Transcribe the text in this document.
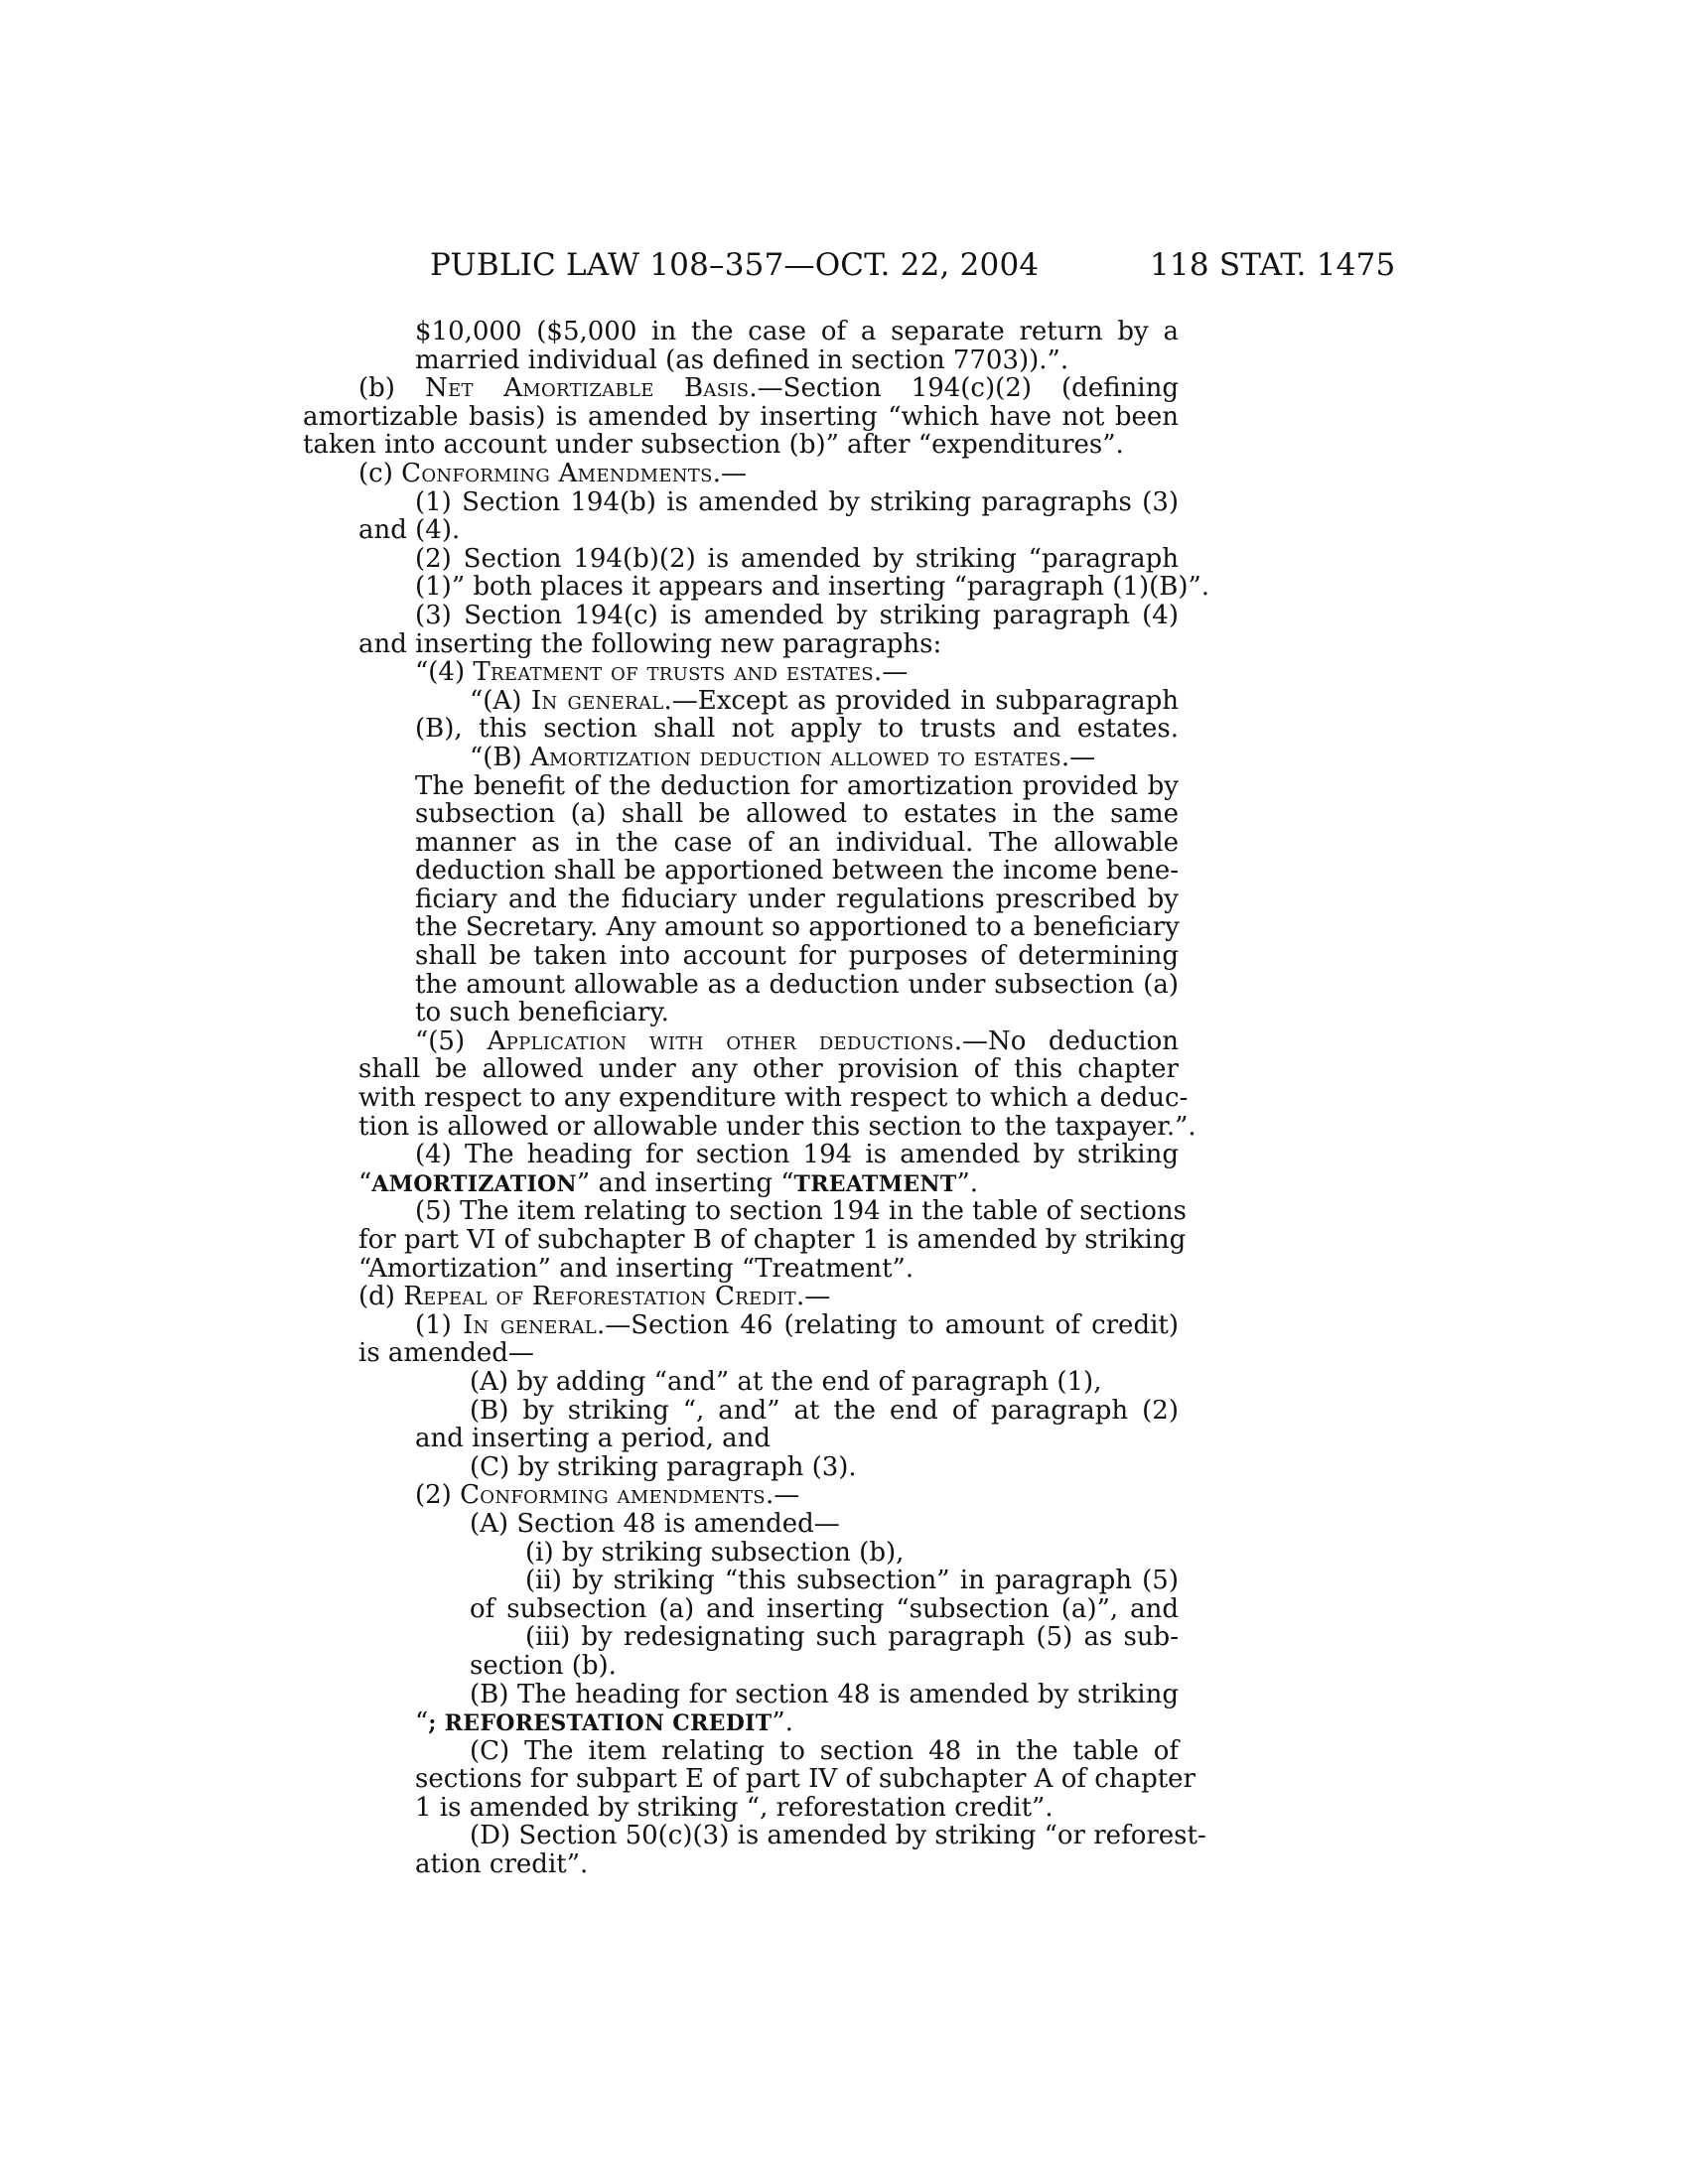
PUBLIC LAW 108–357—OCT. 22, 2004	118 STAT. 1475
$10,000 ($5,000 in the case of a separate return by a
married individual (as defined in section 7703)).”.
(b) Net Amortizable Basis.—Section 194(c)(2) (defining
amortizable basis) is amended by inserting “which have not been
taken into account under subsection (b)” after “expenditures”.
(c) Conforming Amendments.—
(1) Section 194(b) is amended by striking paragraphs (3)
and (4).
(2) Section 194(b)(2) is amended by striking “paragraph
(1)” both places it appears and inserting “paragraph (1)(B)”.
(3) Section 194(c) is amended by striking paragraph (4)
and inserting the following new paragraphs:
“(4) Treatment of trusts and estates.—
“(A) In general.—Except as provided in subparagraph
(B), this section shall not apply to trusts and estates.
“(B) Amortization deduction allowed to estates.—
The benefit of the deduction for amortization provided by
subsection (a) shall be allowed to estates in the same
manner as in the case of an individual. The allowable
deduction shall be apportioned between the income bene-
ficiary and the fiduciary under regulations prescribed by
the Secretary. Any amount so apportioned to a beneficiary
shall be taken into account for purposes of determining
the amount allowable as a deduction under subsection (a)
to such beneficiary.
“(5) Application with other deductions.—No deduction
shall be allowed under any other provision of this chapter
with respect to any expenditure with respect to which a deduc-
tion is allowed or allowable under this section to the taxpayer.”.
(4) The heading for section 194 is amended by striking
“AMORTIZATION” and inserting “TREATMENT”.
(5) The item relating to section 194 in the table of sections
for part VI of subchapter B of chapter 1 is amended by striking
“Amortization” and inserting “Treatment”.
(d) Repeal of Reforestation Credit.—
(1) In general.—Section 46 (relating to amount of credit)
is amended—
(A) by adding “and” at the end of paragraph (1),
(B) by striking “, and” at the end of paragraph (2)
and inserting a period, and
(C) by striking paragraph (3).
(2) Conforming amendments.—
(A) Section 48 is amended—
(i) by striking subsection (b),
(ii) by striking “this subsection” in paragraph (5)
of subsection (a) and inserting “subsection (a)”, and
(iii) by redesignating such paragraph (5) as sub-
section (b).
(B) The heading for section 48 is amended by striking
“; REFORESTATION CREDIT”.
(C) The item relating to section 48 in the table of
sections for subpart E of part IV of subchapter A of chapter
1 is amended by striking “, reforestation credit”.
(D) Section 50(c)(3) is amended by striking “or reforest-
ation credit”.
